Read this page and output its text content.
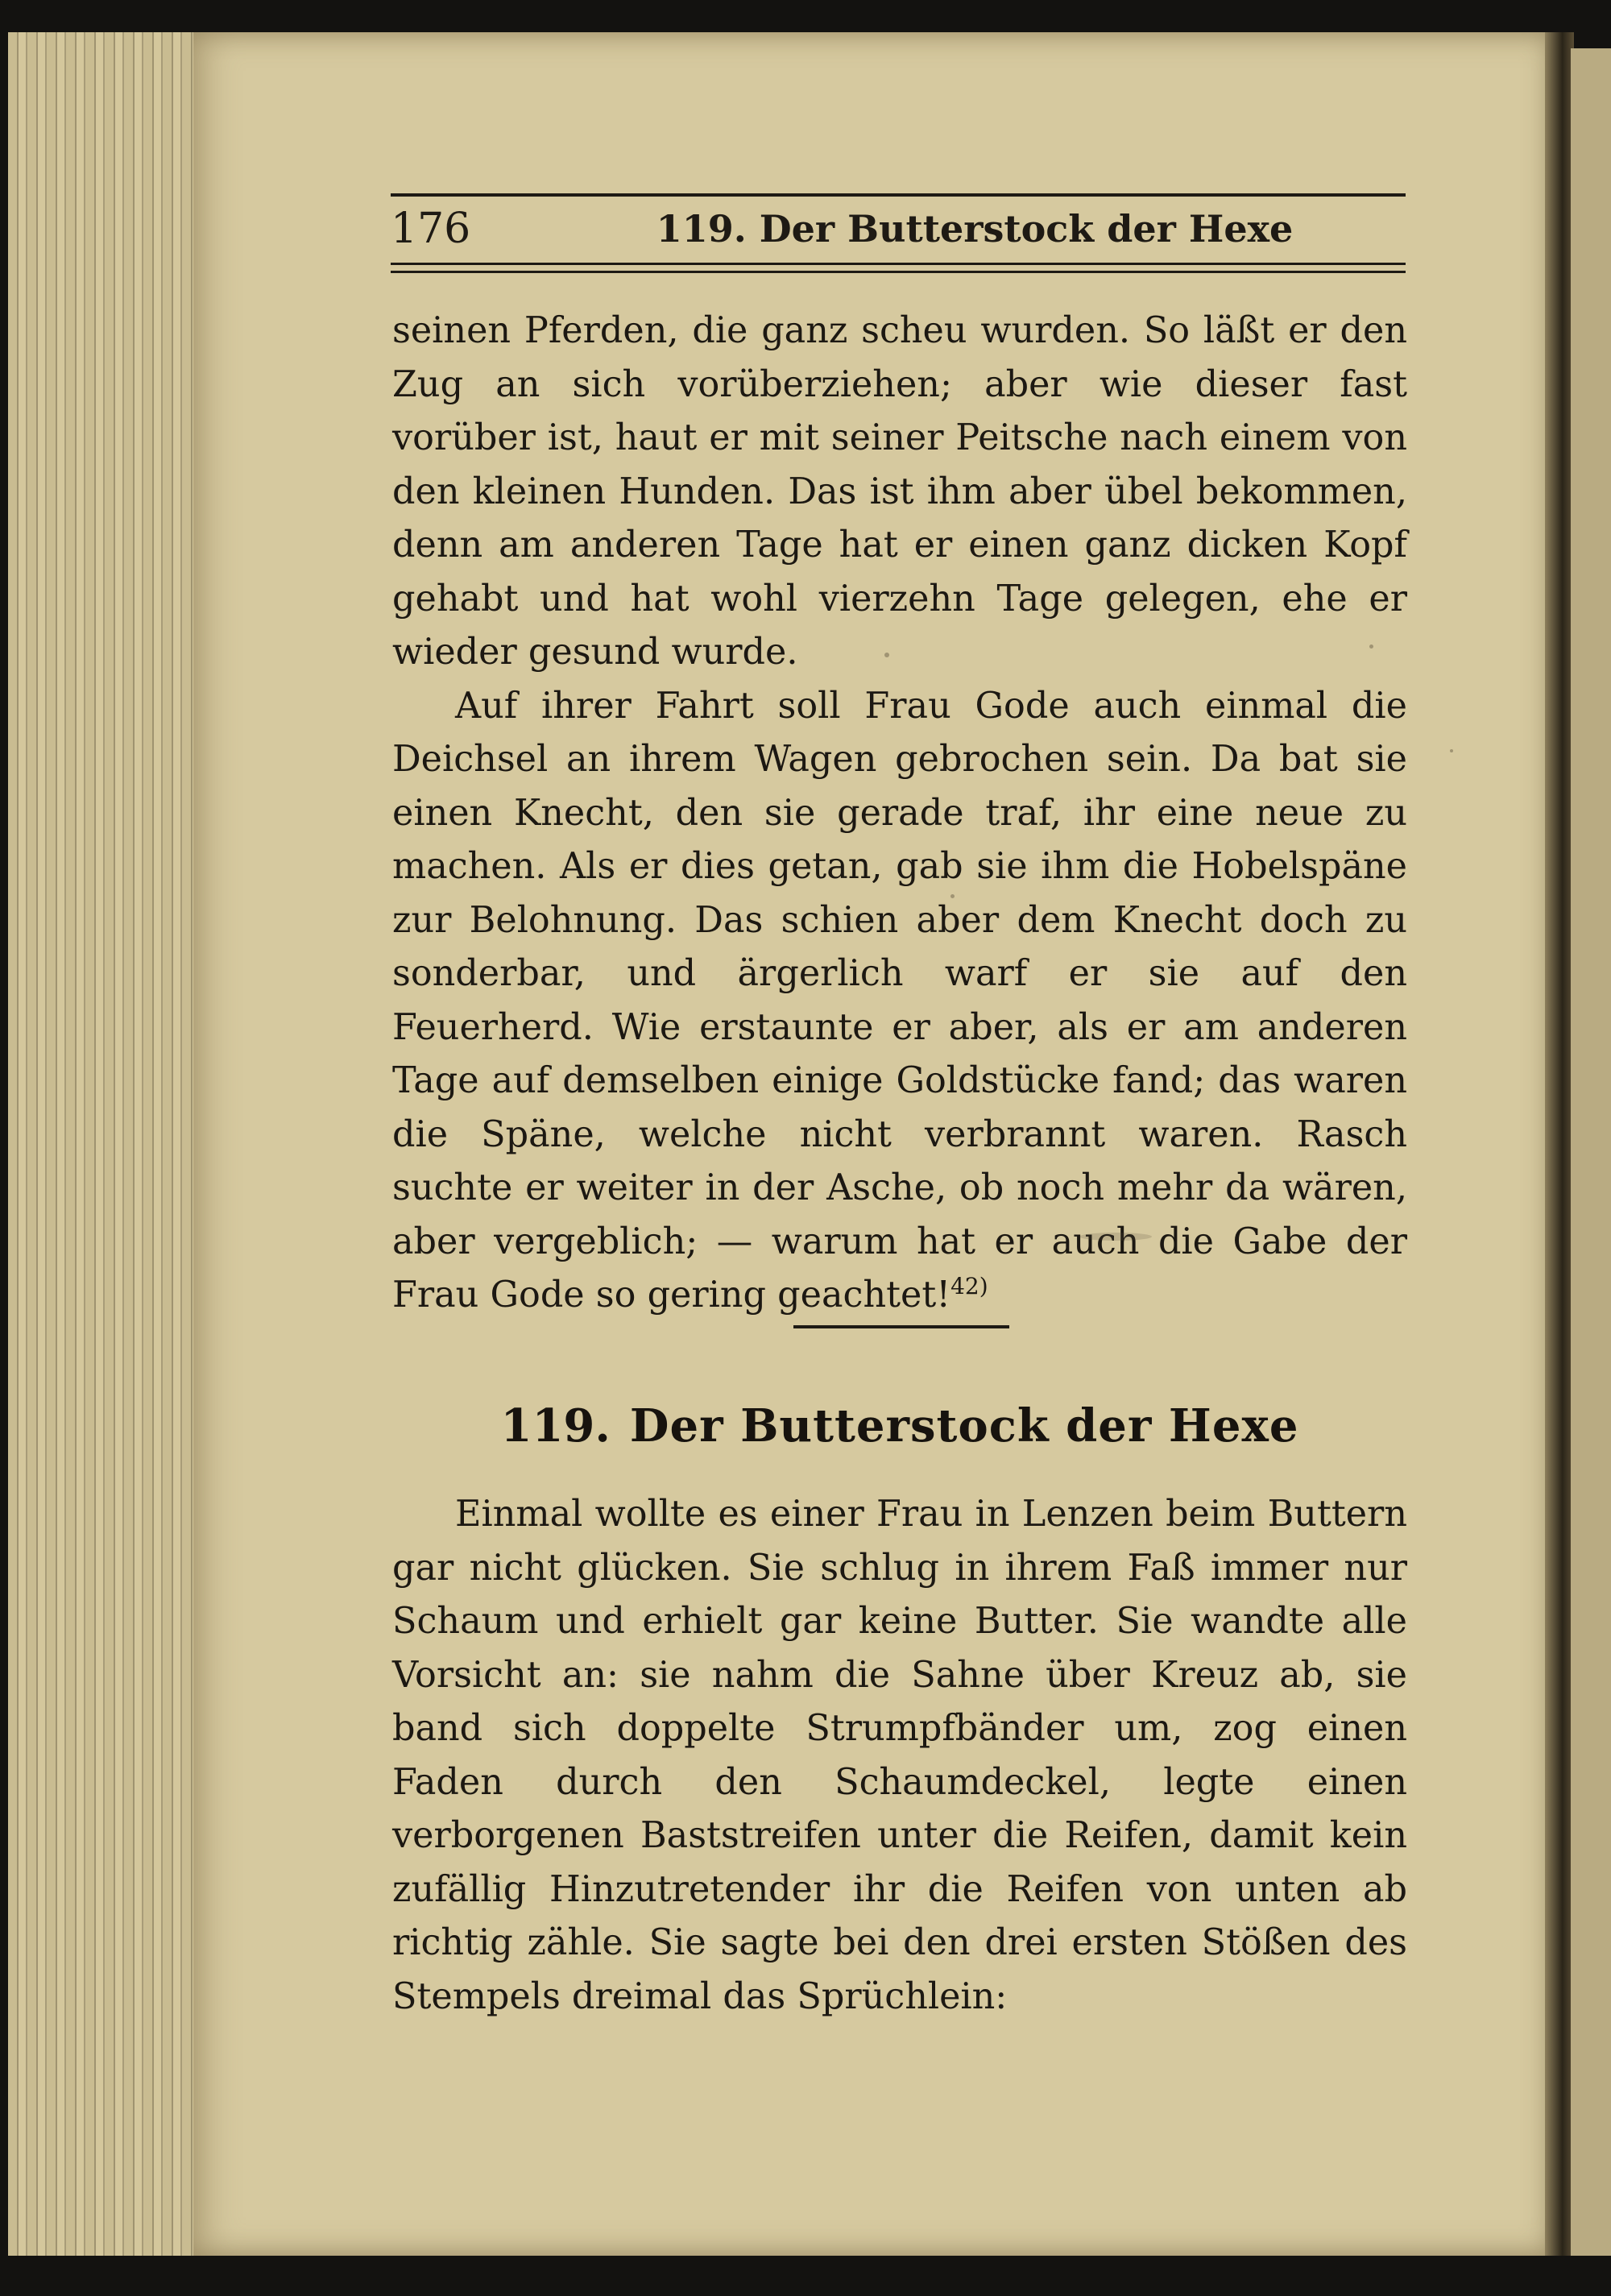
176	119. Der Butterstock der Hexe

seinen Pferden, die ganz scheu wurden. So läßt er den Zug an sich vorüberziehen; aber wie dieser fast vorüber ist, haut er mit seiner Peitsche nach einem von den kleinen Hunden. Das ist ihm aber übel bekommen, denn am anderen Tage hat er einen ganz dicken Kopf gehabt und hat wohl vierzehn Tage gelegen, ehe er wieder gesund wurde.

Auf ihrer Fahrt soll Frau Gode auch einmal die Deichsel an ihrem Wagen gebrochen sein. Da bat sie einen Knecht, den sie gerade traf, ihr eine neue zu machen. Als er dies getan, gab sie ihm die Hobelspäne zur Belohnung. Das schien aber dem Knecht doch zu sonderbar, und ärgerlich warf er sie auf den Feuerherd. Wie erstaunte er aber, als er am anderen Tage auf demselben einige Goldstücke fand; das waren die Späne, welche nicht verbrannt waren. Rasch suchte er weiter in der Asche, ob noch mehr da wären, aber vergeblich; — warum hat er auch die Gabe der Frau Gode so gering geachtet!$^{42)}$

119. Der Butterstock der Hexe

Einmal wollte es einer Frau in Lenzen beim Buttern gar nicht glücken. Sie schlug in ihrem Faß immer nur Schaum und erhielt gar keine Butter. Sie wandte alle Vorsicht an: sie nahm die Sahne über Kreuz ab, sie band sich doppelte Strumpfbänder um, zog einen Faden durch den Schaumdeckel, legte einen verborgenen Baststreifen unter die Reifen, damit kein zufällig Hinzutretender ihr die Reifen von unten ab richtig zähle. Sie sagte bei den drei ersten Stößen des Stempels dreimal das Sprüchlein:
